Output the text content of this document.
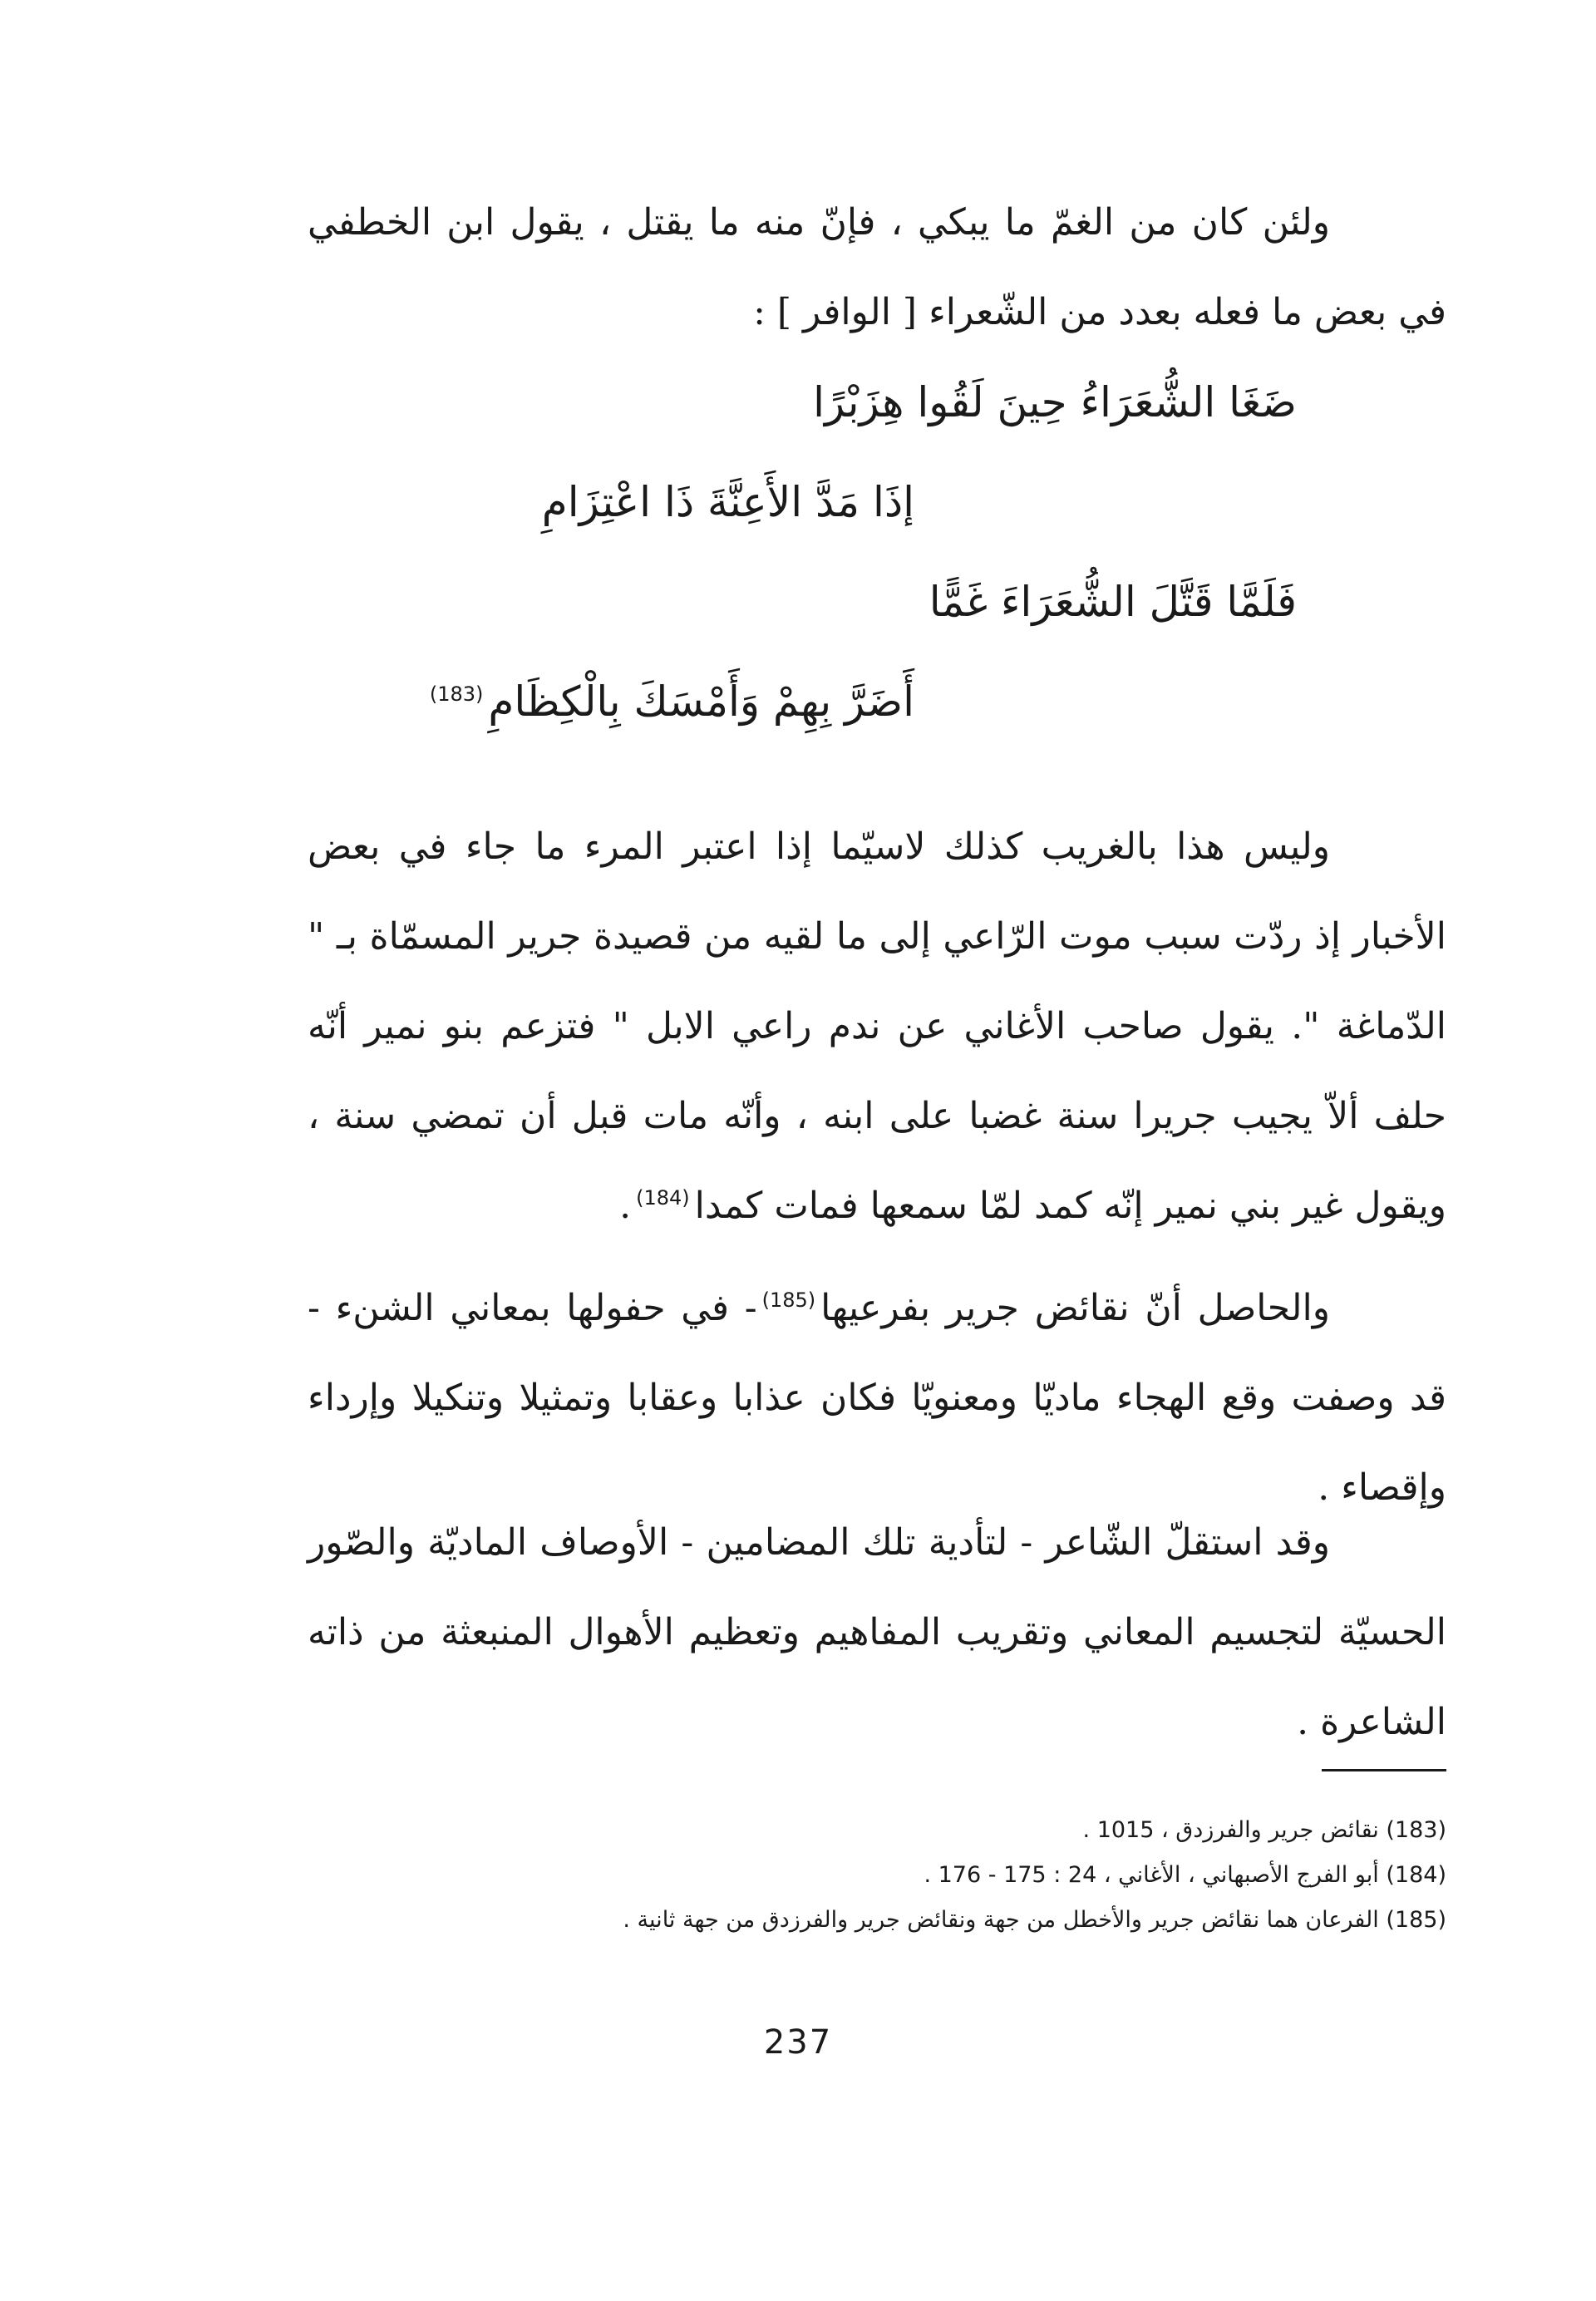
ولئن كان من الغمّ ما يبكي ، فإنّ منه ما يقتل ، يقول ابن الخطفي في بعض ما فعله بعدد من الشّعراء [ الوافر ] :

ضَغَا الشُّعَرَاءُ حِينَ لَقُوا هِزَبْرًا

إذَا مَدَّ الأَعِنَّةَ ذَا اعْتِزَامِ

فَلَمَّا قَتَّلَ الشُّعَرَاءَ غَمًّا

أَضَرَّ بِهِمْ وَأَمْسَكَ بِالْكِظَامِ$^{(183)}$

وليس هذا بالغريب كذلك لاسيّما إذا اعتبر المرء ما جاء في بعض الأخبار إذ ردّت سبب موت الرّاعي إلى ما لقيه من قصيدة جرير المسمّاة بـ " الدّماغة ". يقول صاحب الأغاني عن ندم راعي الابل " فتزعم بنو نمير أنّه حلف ألاّ يجيب جريرا سنة غضبا على ابنه ، وأنّه مات قبل أن تمضي سنة ، ويقول غير بني نمير إنّه كمد لمّا سمعها فمات كمدا$^{(184)}$.

والحاصل أنّ نقائض جرير بفرعيها$^{(185)}$- في حفولها بمعاني الشنء - قد وصفت وقع الهجاء ماديّا ومعنويّا فكان عذابا وعقابا وتمثيلا وتنكيلا وإرداء وإقصاء .

وقد استقلّ الشّاعر - لتأدية تلك المضامين - الأوصاف الماديّة والصّور الحسيّة لتجسيم المعاني وتقريب المفاهيم وتعظيم الأهوال المنبعثة من ذاته الشاعرة .

(183) نقائض جرير والفرزدق ، 1015 .
(184) أبو الفرج الأصبهاني ، الأغاني ، 24 : 175 - 176 .
(185) الفرعان هما نقائض جرير والأخطل من جهة ونقائض جرير والفرزدق من جهة ثانية .
237
